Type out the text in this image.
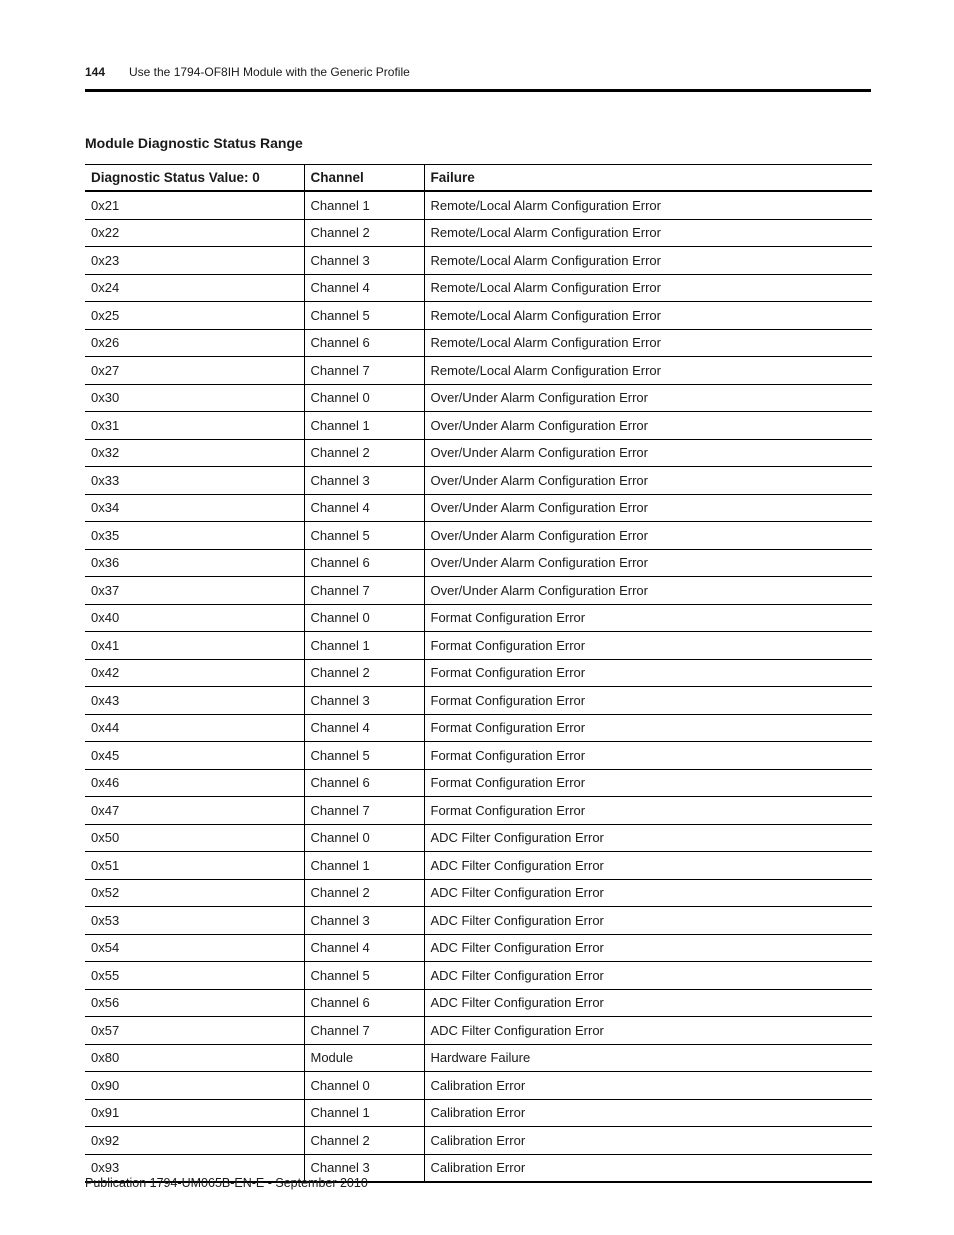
144 Use the 1794-OF8IH Module with the Generic Profile
Module Diagnostic Status Range
Diagnostic Status Value: 0	Channel	Failure
0x21	Channel 1	Remote/Local Alarm Configuration Error
0x22	Channel 2	Remote/Local Alarm Configuration Error
0x23	Channel 3	Remote/Local Alarm Configuration Error
0x24	Channel 4	Remote/Local Alarm Configuration Error
0x25	Channel 5	Remote/Local Alarm Configuration Error
0x26	Channel 6	Remote/Local Alarm Configuration Error
0x27	Channel 7	Remote/Local Alarm Configuration Error
0x30	Channel 0	Over/Under Alarm Configuration Error
0x31	Channel 1	Over/Under Alarm Configuration Error
0x32	Channel 2	Over/Under Alarm Configuration Error
0x33	Channel 3	Over/Under Alarm Configuration Error
0x34	Channel 4	Over/Under Alarm Configuration Error
0x35	Channel 5	Over/Under Alarm Configuration Error
0x36	Channel 6	Over/Under Alarm Configuration Error
0x37	Channel 7	Over/Under Alarm Configuration Error
0x40	Channel 0	Format Configuration Error
0x41	Channel 1	Format Configuration Error
0x42	Channel 2	Format Configuration Error
0x43	Channel 3	Format Configuration Error
0x44	Channel 4	Format Configuration Error
0x45	Channel 5	Format Configuration Error
0x46	Channel 6	Format Configuration Error
0x47	Channel 7	Format Configuration Error
0x50	Channel 0	ADC Filter Configuration Error
0x51	Channel 1	ADC Filter Configuration Error
0x52	Channel 2	ADC Filter Configuration Error
0x53	Channel 3	ADC Filter Configuration Error
0x54	Channel 4	ADC Filter Configuration Error
0x55	Channel 5	ADC Filter Configuration Error
0x56	Channel 6	ADC Filter Configuration Error
0x57	Channel 7	ADC Filter Configuration Error
0x80	Module	Hardware Failure
0x90	Channel 0	Calibration Error
0x91	Channel 1	Calibration Error
0x92	Channel 2	Calibration Error
0x93	Channel 3	Calibration Error
Publication 1794-UM065B-EN-E - September 2010
